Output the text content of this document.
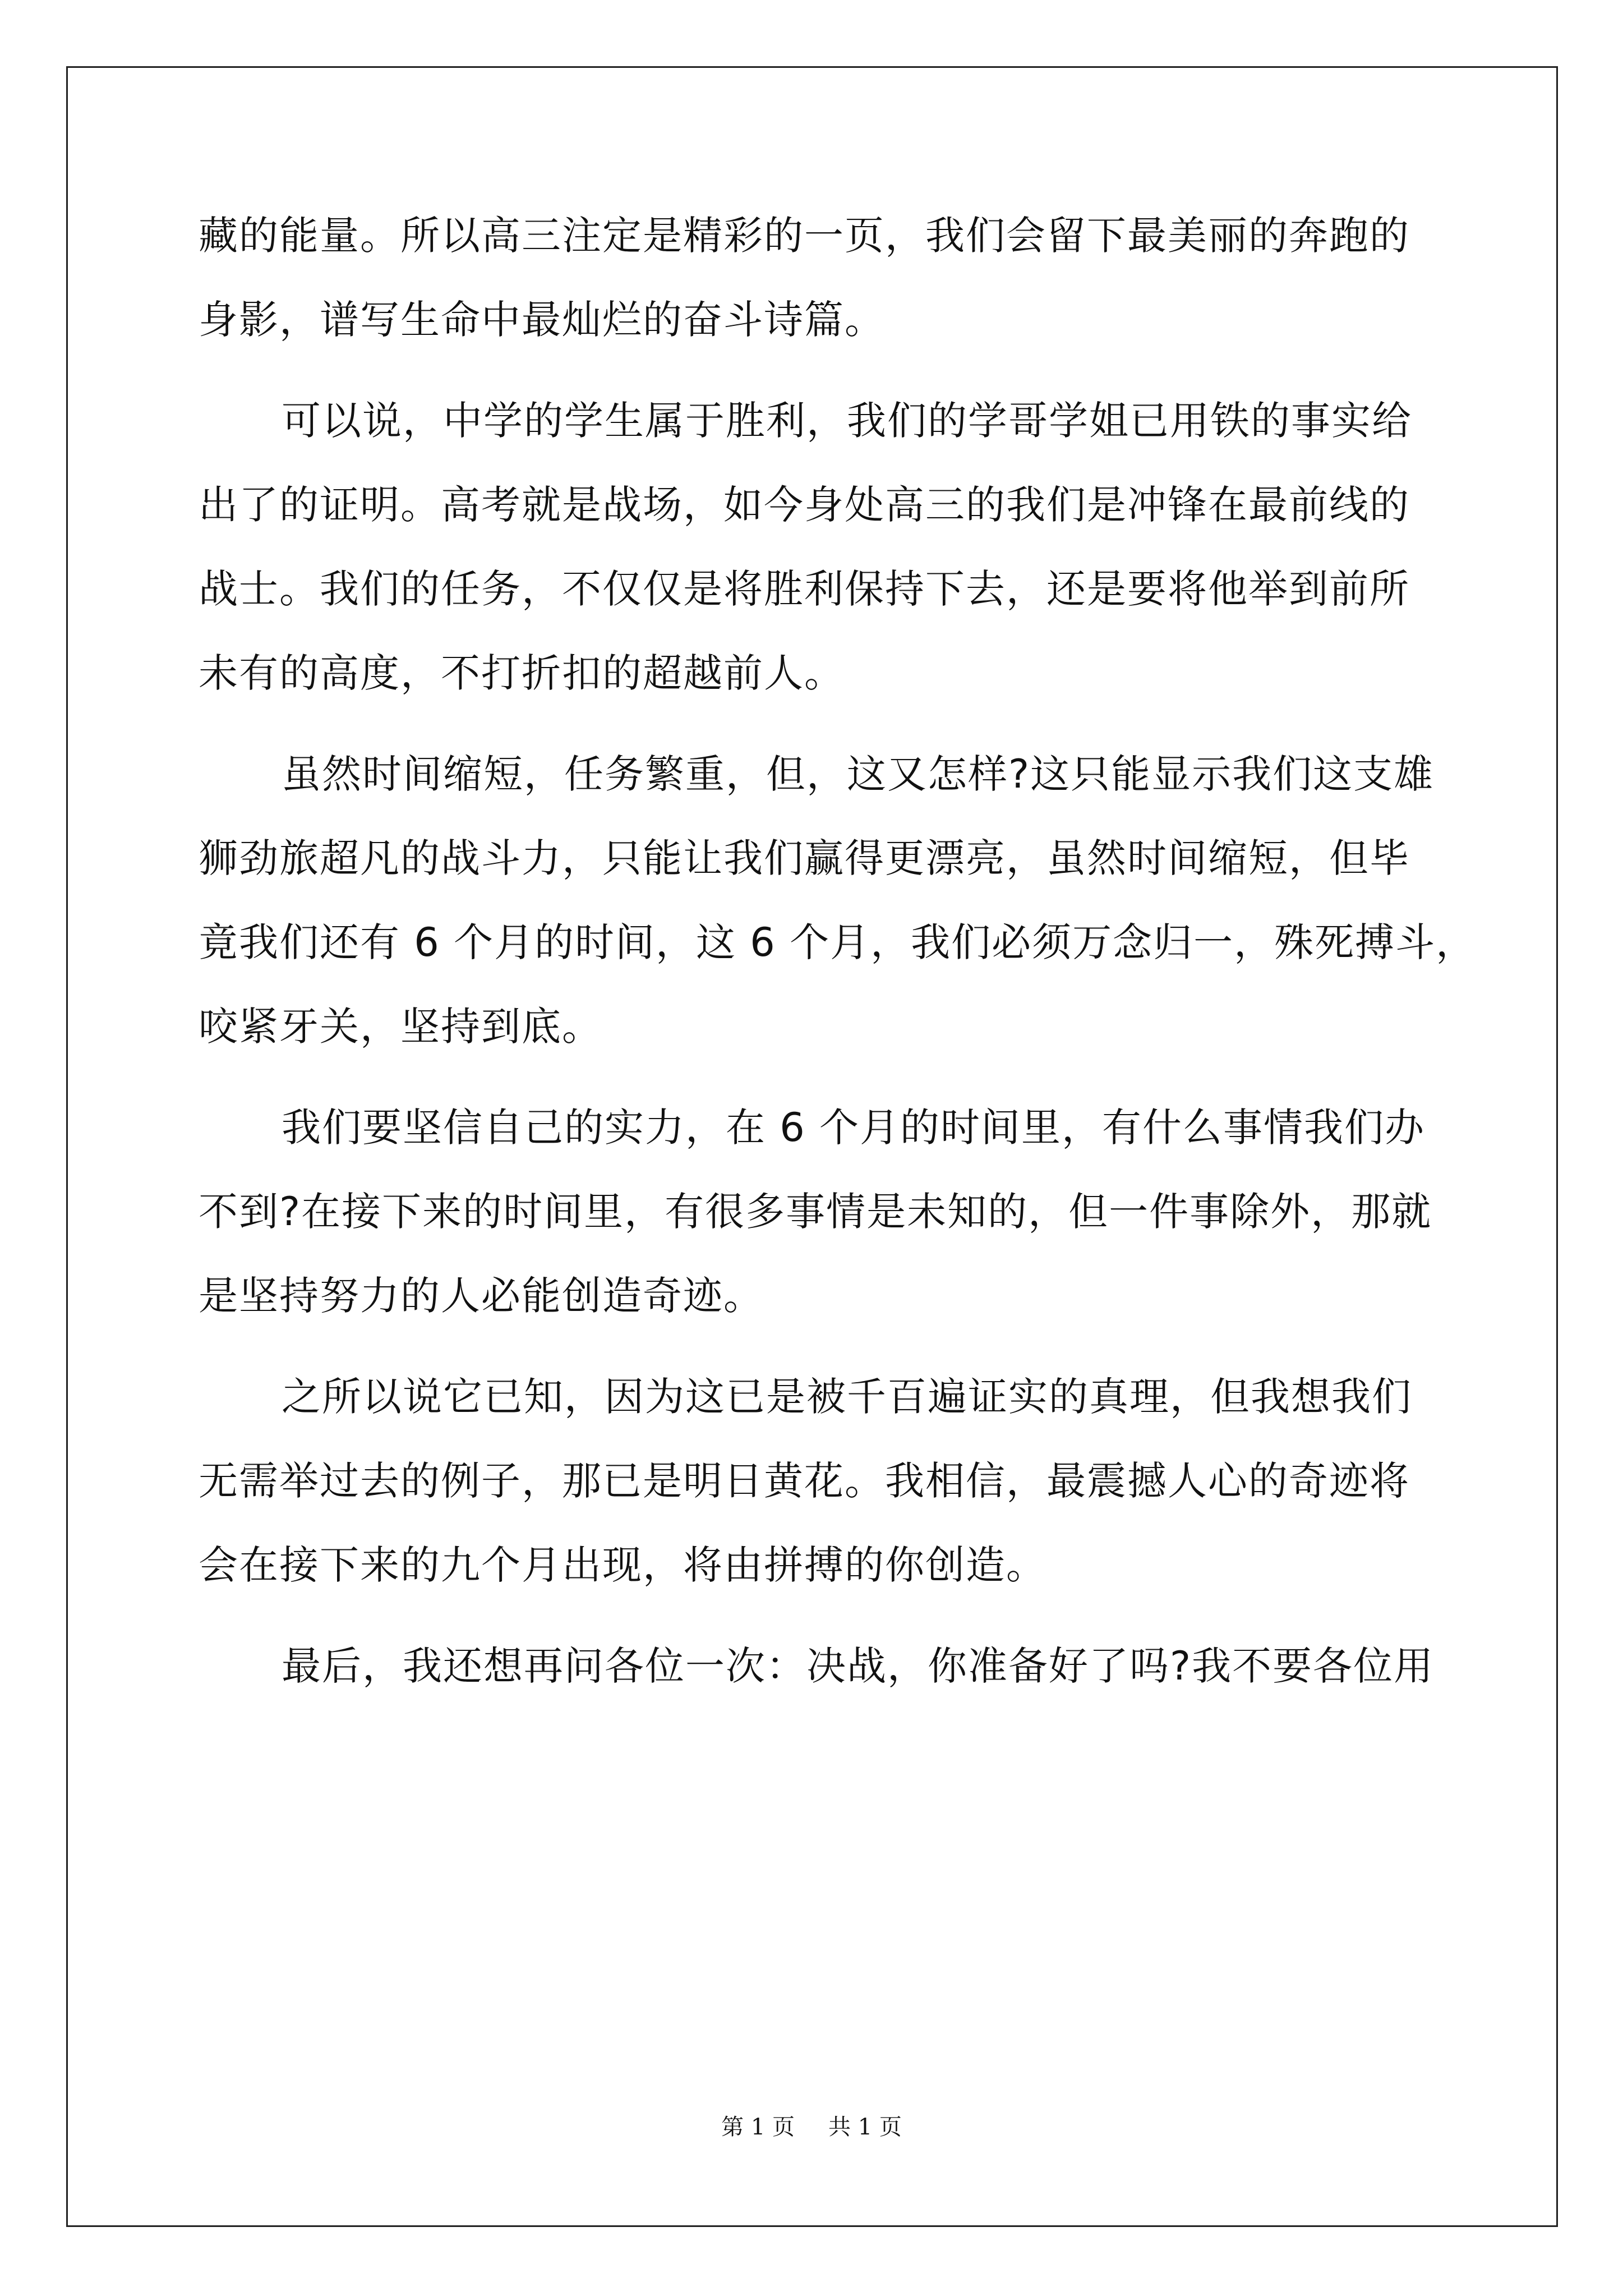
藏的能量。所以高三注定是精彩的一页，我们会留下最美丽的奔跑的
身影，谱写生命中最灿烂的奋斗诗篇。
可以说，中学的学生属于胜利，我们的学哥学姐已用铁的事实给
出了的证明。高考就是战场，如今身处高三的我们是冲锋在最前线的
战士。我们的任务，不仅仅是将胜利保持下去，还是要将他举到前所
未有的高度，不打折扣的超越前人。
虽然时间缩短，任务繁重，但，这又怎样?这只能显示我们这支雄
狮劲旅超凡的战斗力，只能让我们赢得更漂亮，虽然时间缩短，但毕
竟我们还有 6 个月的时间，这 6 个月，我们必须万念归一，殊死搏斗，
咬紧牙关，坚持到底。
我们要坚信自己的实力，在 6 个月的时间里，有什么事情我们办
不到?在接下来的时间里，有很多事情是未知的，但一件事除外，那就
是坚持努力的人必能创造奇迹。
之所以说它已知，因为这已是被千百遍证实的真理，但我想我们
无需举过去的例子，那已是明日黄花。我相信，最震撼人心的奇迹将
会在接下来的九个月出现，将由拼搏的你创造。
最后，我还想再问各位一次：决战，你准备好了吗?我不要各位用
第 1 页 共 1 页
